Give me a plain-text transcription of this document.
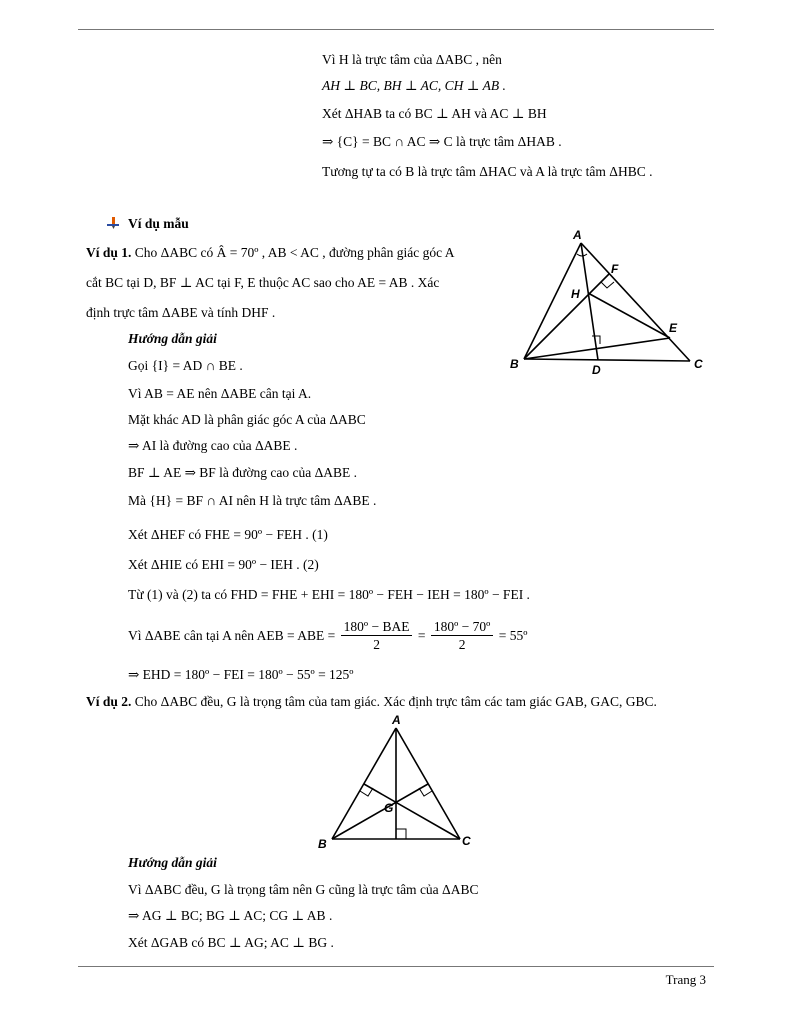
Vì H là trực tâm của ΔABC , nên
AH ⊥ BC, BH ⊥ AC, CH ⊥ AB .
Xét ΔHAB ta có BC ⊥ AH và AC ⊥ BH
⇒ {C} = BC ∩ AC ⇒ C là trực tâm ΔHAB .
Tương tự ta có B là trực tâm ΔHAC và A là trực tâm ΔHBC .
Ví dụ mẫu
Ví dụ 1. Cho ΔABC có Â = 70º , AB < AC , đường phân giác góc A
cắt BC tại D, BF ⊥ AC tại F, E thuộc AC sao cho AE = AB . Xác
định trực tâm ΔABE và tính DHF .
Hướng dẫn giải
Gọi {I} = AD ∩ BE .
Vì AB = AE nên ΔABE cân tại A.
Mặt khác AD là phân giác góc A của ΔABC
⇒ AI là đường cao của ΔABE .
BF ⊥ AE ⇒ BF là đường cao của ΔABE .
Mà {H} = BF ∩ AI nên H là trực tâm ΔABE .
Xét ΔHEF có FHE = 90º − FEH . (1)
Xét ΔHIE có EHI = 90º − IEH . (2)
Từ (1) và (2) ta có FHD = FHE + EHI = 180º − FEH − IEH = 180º − FEI .
Vì ΔABE cân tại A nên AEB = ABE = $\frac{\text{180º − BAE}}{2} = \frac{\text{180º − 70º}}{2}$ = 55º
⇒ EHD = 180º − FEI = 180º − 55º = 125º
A
F
H
E
B	D	C
Ví dụ 2. Cho ΔABC đều, G là trọng tâm của tam giác. Xác định trực tâm các tam giác GAB, GAC, GBC.
A
G
B	C
Hướng dẫn giải
Vì ΔABC đều, G là trọng tâm nên G cũng là trực tâm của ΔABC
⇒ AG ⊥ BC; BG ⊥ AC; CG ⊥ AB .
Xét ΔGAB có BC ⊥ AG; AC ⊥ BG .
Trang 3
